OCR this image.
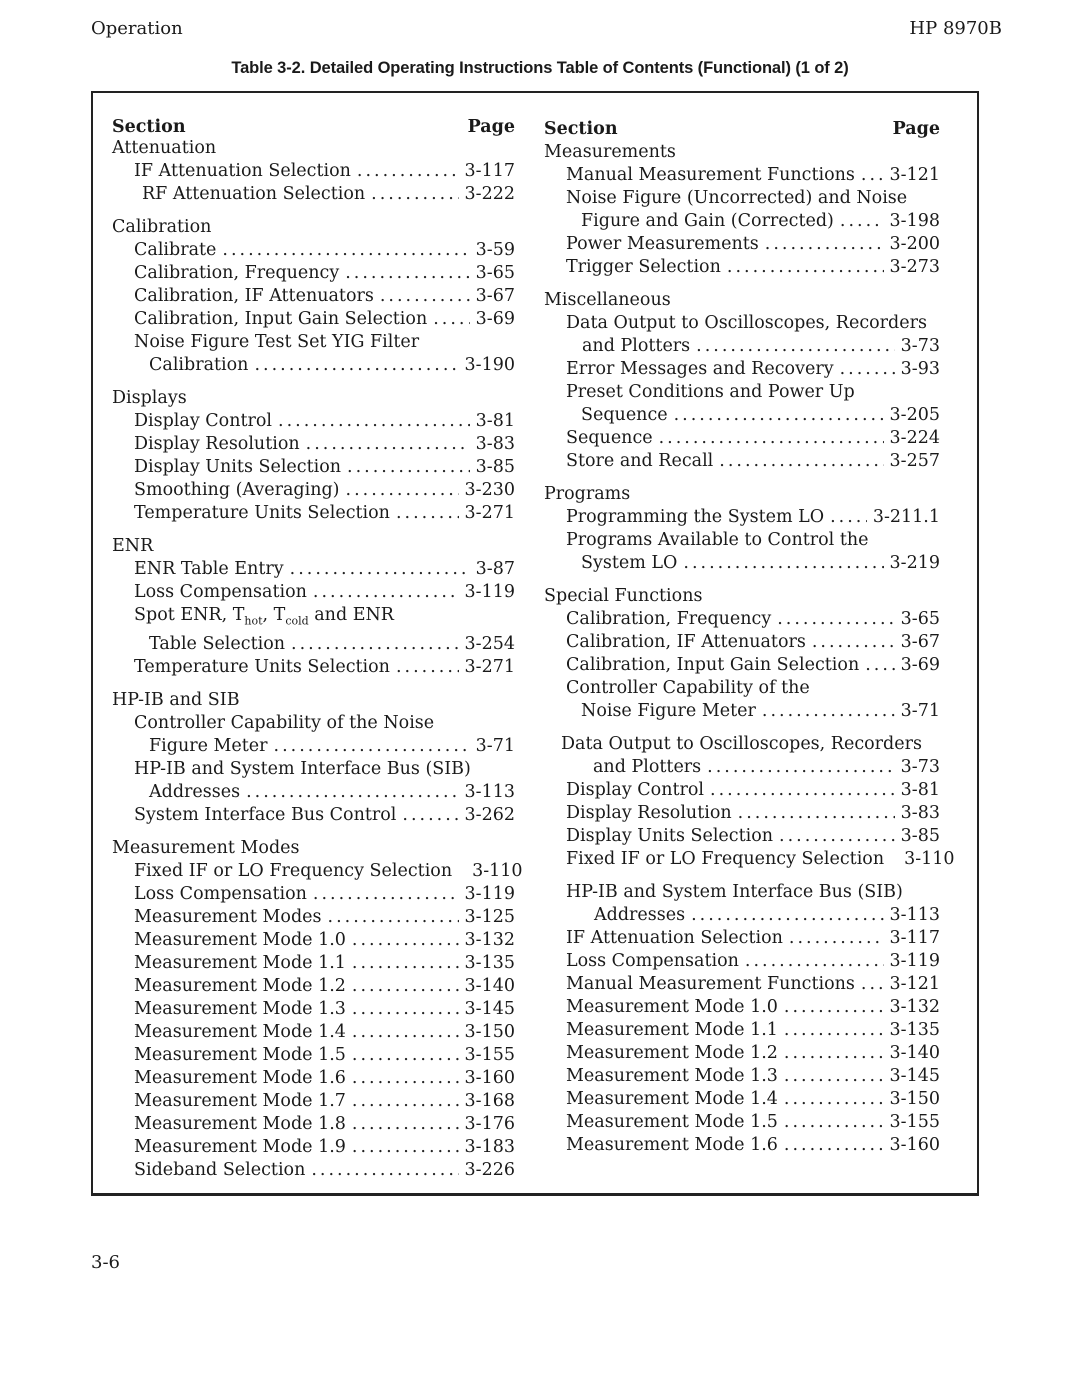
Operation	HP 8970B
Table 3-2. Detailed Operating Instructions Table of Contents (Functional) (1 of 2)
Section	Page
Attenuation
IF Attenuation Selection .....	3-117
RF Attenuation Selection .....	3-222
Calibration
Calibrate .....	3-59
Calibration, Frequency .....	3-65
Calibration, IF Attenuators .....	3-67
Calibration, Input Gain Selection .....	3-69
Noise Figure Test Set YIG Filter
Calibration .....	3-190
Displays
Display Control .....	3-81
Display Resolution .....	3-83
Display Units Selection .....	3-85
Smoothing (Averaging) .....	3-230
Temperature Units Selection .....	3-271
ENR
ENR Table Entry .....	3-87
Loss Compensation .....	3-119
Spot ENR, $T_{hot}$, $T_{cold}$ and ENR
Table Selection .....	3-254
Temperature Units Selection .....	3-271
HP-IB and SIB
Controller Capability of the Noise
Figure Meter .....	3-71
HP-IB and System Interface Bus (SIB)
Addresses .....	3-113
System Interface Bus Control .....	3-262
Measurement Modes
Fixed IF or LO Frequency Selection 3-110
Loss Compensation .....	3-119
Measurement Modes .....	3-125
Measurement Mode 1.0 .....	3-132
Measurement Mode 1.1 .....	3-135
Measurement Mode 1.2 .....	3-140
Measurement Mode 1.3 .....	3-145
Measurement Mode 1.4 .....	3-150
Measurement Mode 1.5 .....	3-155
Measurement Mode 1.6 .....	3-160
Measurement Mode 1.7 .....	3-168
Measurement Mode 1.8 .....	3-176
Measurement Mode 1.9 .....	3-183
Sideband Selection .....	3-226
Section	Page
Measurements
Manual Measurement Functions ..... 3-121
Noise Figure (Uncorrected) and Noise
Figure and Gain (Corrected) .....	3-198
Power Measurements .....	3-200
Trigger Selection .....	3-273
Miscellaneous
Data Output to Oscilloscopes, Recorders
and Plotters .....	3-73
Error Messages and Recovery .....	3-93
Preset Conditions and Power Up
Sequence .....	3-205
Sequence .....	3-224
Store and Recall .....	3-257
Programs
Programming the System LO .....	3-211.1
Programs Available to Control the
System LO .....	3-219
Special Functions
Calibration, Frequency .....	3-65
Calibration, IF Attenuators .....	3-67
Calibration, Input Gain Selection ..... 3-69
Controller Capability of the
Noise Figure Meter .....	3-71
Data Output to Oscilloscopes, Recorders
and Plotters .....	3-73
Display Control .....	3-81
Display Resolution .....	3-83
Display Units Selection .....	3-85
Fixed IF or LO Frequency Selection 3-110
HP-IB and System Interface Bus (SIB)
Addresses .....	3-113
IF Attenuation Selection .....	3-117
Loss Compensation .....	3-119
Manual Measurement Functions ..... 3-121
Measurement Mode 1.0 .....	3-132
Measurement Mode 1.1 .....	3-135
Measurement Mode 1.2 .....	3-140
Measurement Mode 1.3 .....	3-145
Measurement Mode 1.4 .....	3-150
Measurement Mode 1.5 .....	3-155
Measurement Mode 1.6 .....	3-160
3-6
